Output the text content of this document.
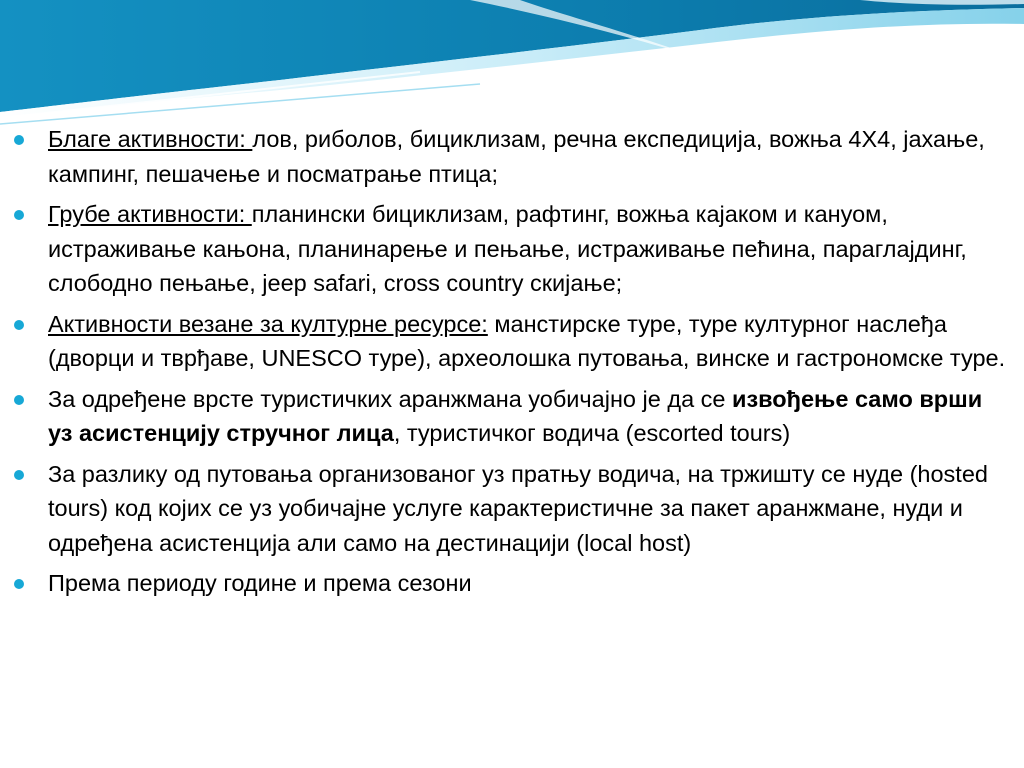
Благе активности: лов, риболов, бициклизам, речна експедиција, вожња 4Х4, јахање, кампинг, пешачење и посматрање птица;
Грубе активности: планински бициклизам, рафтинг, вожња кајаком и кануом, истраживање кањона, планинарење и пењање, истраживање пећина, параглајдинг, слободно пењање, jeep safari, cross country скијање;
Активности везане за културне ресурсе: манстирске туре, туре културног наслеђа (дворци и тврђаве, UNESCO туре), археолошка путовања, винске и гастрономске туре.
За одређене врсте туристичких аранжмана уобичајно је да се извођење само врши уз асистенцију стручног лица, туристичког водича (escorted tours)
За разлику од путовања организованог уз пратњу водича, на тржишту се нуде (hosted tours) код којих се уз уобичајне услуге карактеристичне за пакет аранжмане, нуди и одређена асистенција али само на дестинацији (local host)
Према периоду године и према сезони
